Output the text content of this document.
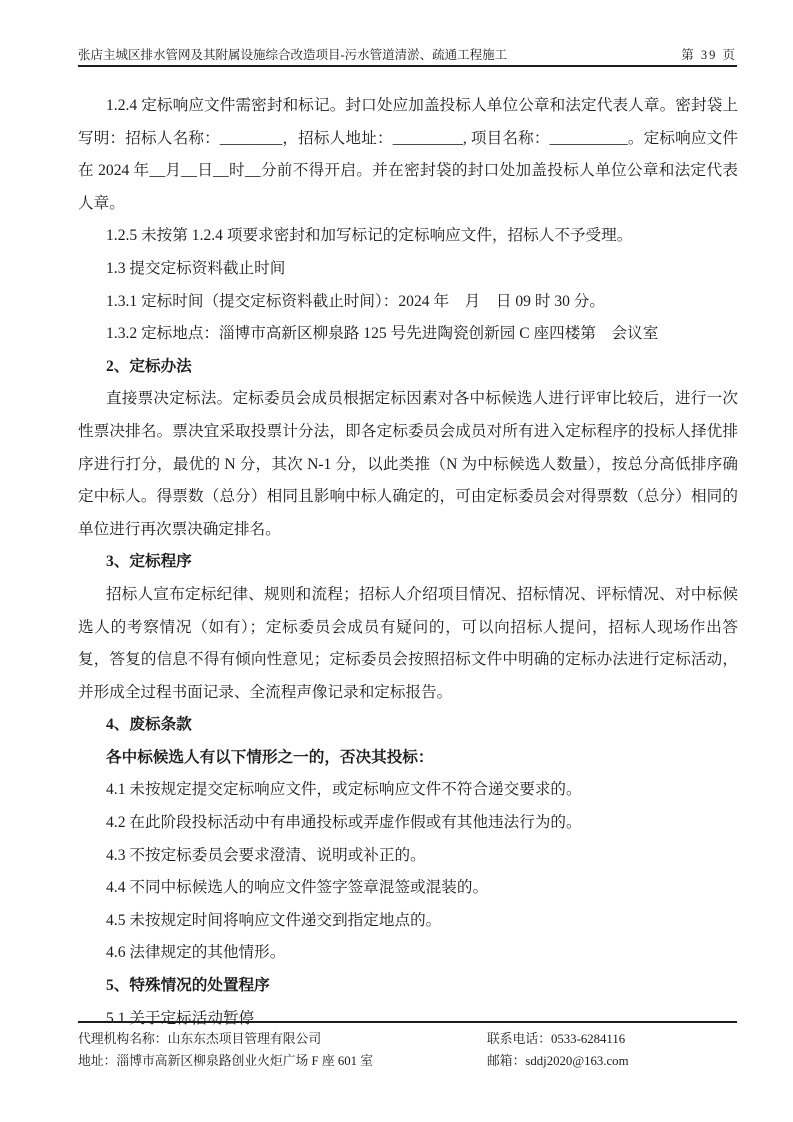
张店主城区排水管网及其附属设施综合改造项目-污水管道清淤、疏通工程施工	第 39 页

1.2.4 定标响应文件需密封和标记。封口处应加盖投标人单位公章和法定代表人章。密封袋上写明：招标人名称：________，招标人地址：_________, 项目名称：__________。定标响应文件在 2024 年__月__日__时__分前不得开启。并在密封袋的封口处加盖投标人单位公章和法定代表人章。

1.2.5 未按第 1.2.4 项要求密封和加写标记的定标响应文件，招标人不予受理。

1.3 提交定标资料截止时间

1.3.1 定标时间（提交定标资料截止时间）：2024 年　月　日 09 时 30 分。

1.3.2 定标地点：淄博市高新区柳泉路 125 号先进陶瓷创新园 C 座四楼第　会议室

2、定标办法

直接票决定标法。定标委员会成员根据定标因素对各中标候选人进行评审比较后，进行一次性票决排名。票决宜采取投票计分法，即各定标委员会成员对所有进入定标程序的投标人择优排序进行打分，最优的 N 分，其次 N-1 分，以此类推（N 为中标候选人数量），按总分高低排序确定中标人。得票数（总分）相同且影响中标人确定的，可由定标委员会对得票数（总分）相同的单位进行再次票决确定排名。

3、定标程序

招标人宣布定标纪律、规则和流程；招标人介绍项目情况、招标情况、评标情况、对中标候选人的考察情况（如有）；定标委员会成员有疑问的，可以向招标人提问，招标人现场作出答复，答复的信息不得有倾向性意见；定标委员会按照招标文件中明确的定标办法进行定标活动，并形成全过程书面记录、全流程声像记录和定标报告。

4、废标条款

各中标候选人有以下情形之一的，否决其投标：

4.1 未按规定提交定标响应文件，或定标响应文件不符合递交要求的。

4.2 在此阶段投标活动中有串通投标或弄虚作假或有其他违法行为的。

4.3 不按定标委员会要求澄清、说明或补正的。

4.4 不同中标候选人的响应文件签字签章混签或混装的。

4.5 未按规定时间将响应文件递交到指定地点的。

4.6 法律规定的其他情形。

5、特殊情况的处置程序

5.1 关于定标活动暂停

代理机构名称：山东东杰项目管理有限公司
地址：淄博市高新区柳泉路创业火炬广场 F 座 601 室
联系电话：0533-6284116
邮箱：sddj2020@163.com
